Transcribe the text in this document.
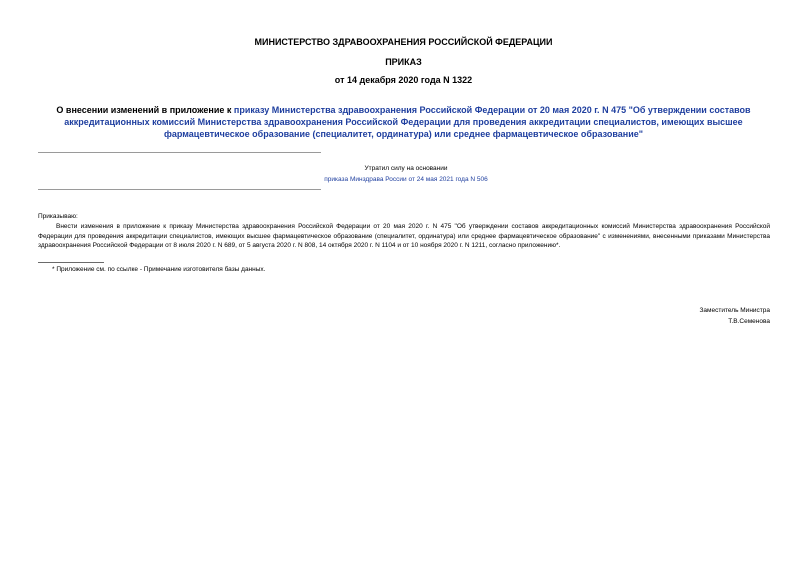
МИНИСТЕРСТВО ЗДРАВООХРАНЕНИЯ РОССИЙСКОЙ ФЕДЕРАЦИИ
ПРИКАЗ
от 14 декабря 2020 года N 1322
О внесении изменений в приложение к приказу Министерства здравоохранения Российской Федерации от 20 мая 2020 г. N 475 "Об утверждении составов аккредитационных комиссий Министерства здравоохранения Российской Федерации для проведения аккредитации специалистов, имеющих высшее фармацевтическое образование (специалитет, ординатура) или среднее фармацевтическое образование"
Утратил силу на основании
приказа Минздрава России от 24 мая 2021 года N 506
Приказываю:
Внести изменения в приложение к приказу Министерства здравоохранения Российской Федерации от 20 мая 2020 г. N 475 "Об утверждении составов аккредитационных комиссий Министерства здравоохранения Российской Федерации для проведения аккредитации специалистов, имеющих высшее фармацевтическое образование (специалитет, ординатура) или среднее фармацевтическое образование" с изменениями, внесенными приказами Министерства здравоохранения Российской Федерации от 8 июля 2020 г. N 689, от 5 августа 2020 г. N 808, 14 октября 2020 г. N 1104 и от 10 ноября 2020 г. N 1211, согласно приложению*.
* Приложение см. по ссылке - Примечание изготовителя базы данных.
Заместитель Министра
Т.В.Семенова
